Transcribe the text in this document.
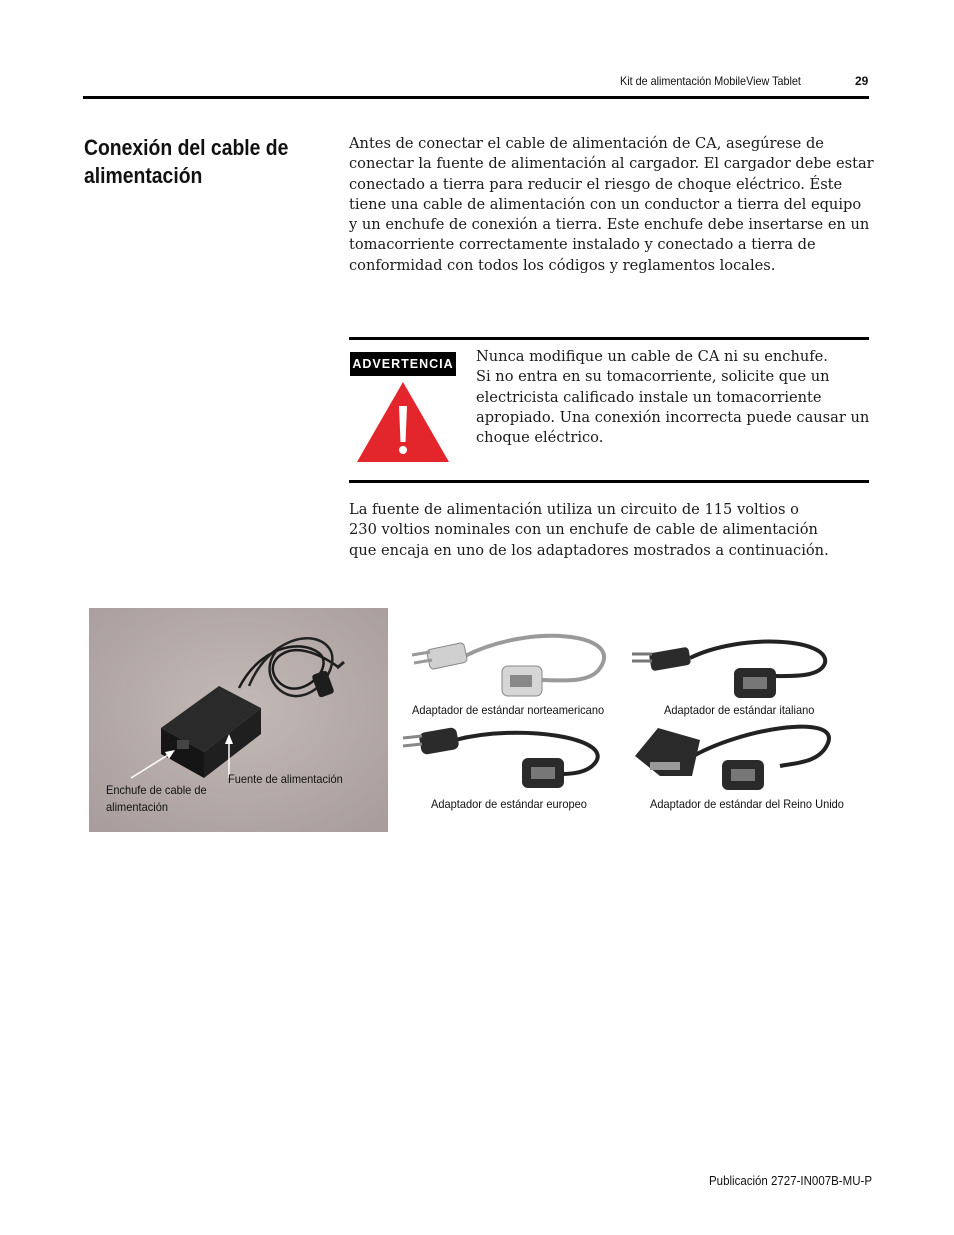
Kit de alimentación MobileView Tablet	29
Conexión del cable de
alimentación
Antes de conectar el cable de alimentación de CA, asegúrese de
conectar la fuente de alimentación al cargador. El cargador debe estar
conectado a tierra para reducir el riesgo de choque eléctrico. Éste
tiene una cable de alimentación con un conductor a tierra del equipo
y un enchufe de conexión a tierra. Este enchufe debe insertarse en un
tomacorriente correctamente instalado y conectado a tierra de
conformidad con todos los códigos y reglamentos locales.
ADVERTENCIA Nunca modifique un cable de CA ni su enchufe.
Si no entra en su tomacorriente, solicite que un
electricista calificado instale un tomacorriente
apropiado. Una conexión incorrecta puede causar un
choque eléctrico.
La fuente de alimentación utiliza un circuito de 115 voltios o
230 voltios nominales con un enchufe de cable de alimentación
que encaja en uno de los adaptadores mostrados a continuación.
Fuente de alimentación
Enchufe de cable de
alimentación
Adaptador de estándar norteamericano	Adaptador de estándar italiano
Adaptador de estándar europeo	Adaptador de estándar del Reino Unido
Publicación 2727-IN007B-MU-P
